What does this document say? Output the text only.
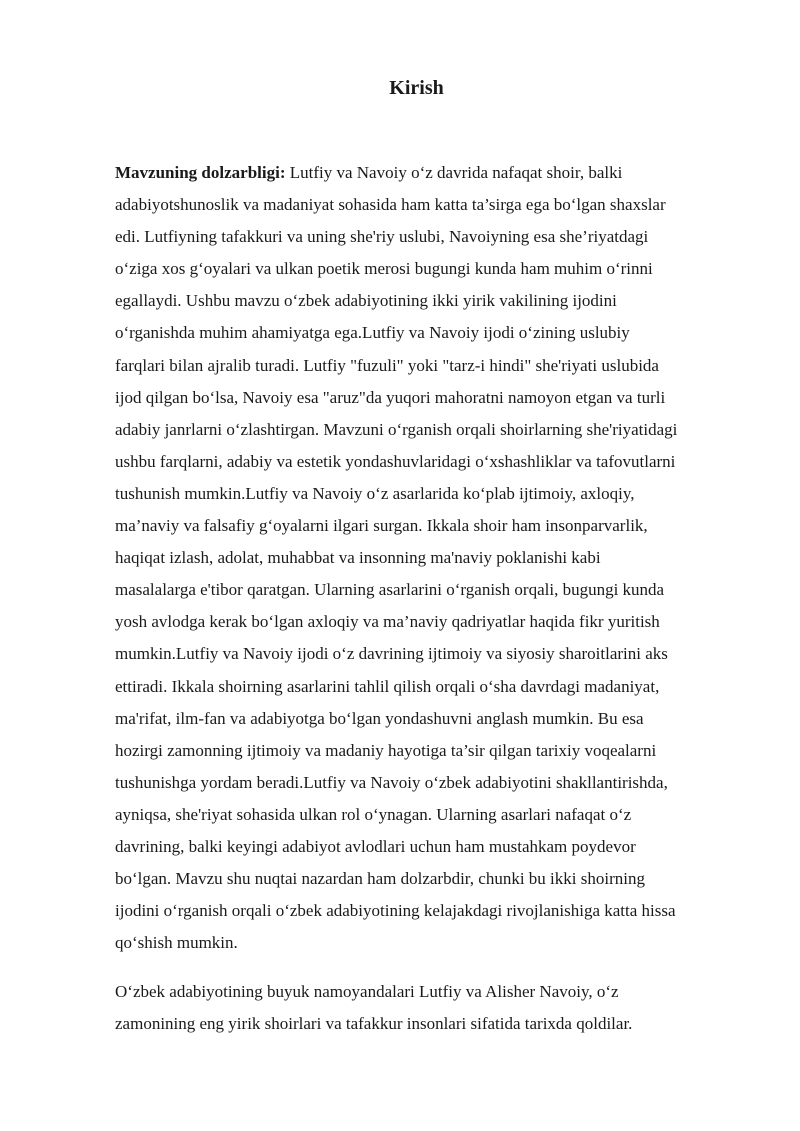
Kirish
Mavzuning dolzarbligi: Lutfiy va Navoiy o‘z davrida nafaqat shoir, balki
adabiyotshunoslik va madaniyat sohasida ham katta ta’sirga ega bo‘lgan shaxslar
edi. Lutfiyning tafakkuri va uning she'riy uslubi, Navoiyning esa she’riyatdagi
o‘ziga xos g‘oyalari va ulkan poetik merosi bugungi kunda ham muhim o‘rinni
egallaydi. Ushbu mavzu o‘zbek adabiyotining ikki yirik vakilining ijodini
o‘rganishda muhim ahamiyatga ega.Lutfiy va Navoiy ijodi o‘zining uslubiy
farqlari bilan ajralib turadi. Lutfiy "fuzuli" yoki "tarz-i hindi" she'riyati uslubida
ijod qilgan bo‘lsa, Navoiy esa "aruz"da yuqori mahoratni namoyon etgan va turli
adabiy janrlarni o‘zlashtirgan. Mavzuni o‘rganish orqali shoirlarning she'riyatidagi
ushbu farqlarni, adabiy va estetik yondashuvlaridagi o‘xshashliklar va tafovutlarni
tushunish mumkin.Lutfiy va Navoiy o‘z asarlarida ko‘plab ijtimoiy, axloqiy,
ma’naviy va falsafiy g‘oyalarni ilgari surgan. Ikkala shoir ham insonparvarlik,
haqiqat izlash, adolat, muhabbat va insonning ma'naviy poklanishi kabi
masalalarga e'tibor qaratgan. Ularning asarlarini o‘rganish orqali, bugungi kunda
yosh avlodga kerak bo‘lgan axloqiy va ma’naviy qadriyatlar haqida fikr yuritish
mumkin.Lutfiy va Navoiy ijodi o‘z davrining ijtimoiy va siyosiy sharoitlarini aks
ettiradi. Ikkala shoirning asarlarini tahlil qilish orqali o‘sha davrdagi madaniyat,
ma'rifat, ilm-fan va adabiyotga bo‘lgan yondashuvni anglash mumkin. Bu esa
hozirgi zamonning ijtimoiy va madaniy hayotiga ta’sir qilgan tarixiy voqealarni
tushunishga yordam beradi.Lutfiy va Navoiy o‘zbek adabiyotini shakllantirishda,
ayniqsa, she'riyat sohasida ulkan rol o‘ynagan. Ularning asarlari nafaqat o‘z
davrining, balki keyingi adabiyot avlodlari uchun ham mustahkam poydevor
bo‘lgan. Mavzu shu nuqtai nazardan ham dolzarbdir, chunki bu ikki shoirning
ijodini o‘rganish orqali o‘zbek adabiyotining kelajakdagi rivojlanishiga katta hissa
qo‘shish mumkin.
O‘zbek adabiyotining buyuk namoyandalari Lutfiy va Alisher Navoiy, o‘z
zamonining eng yirik shoirlari va tafakkur insonlari sifatida tarixda qoldilar.
